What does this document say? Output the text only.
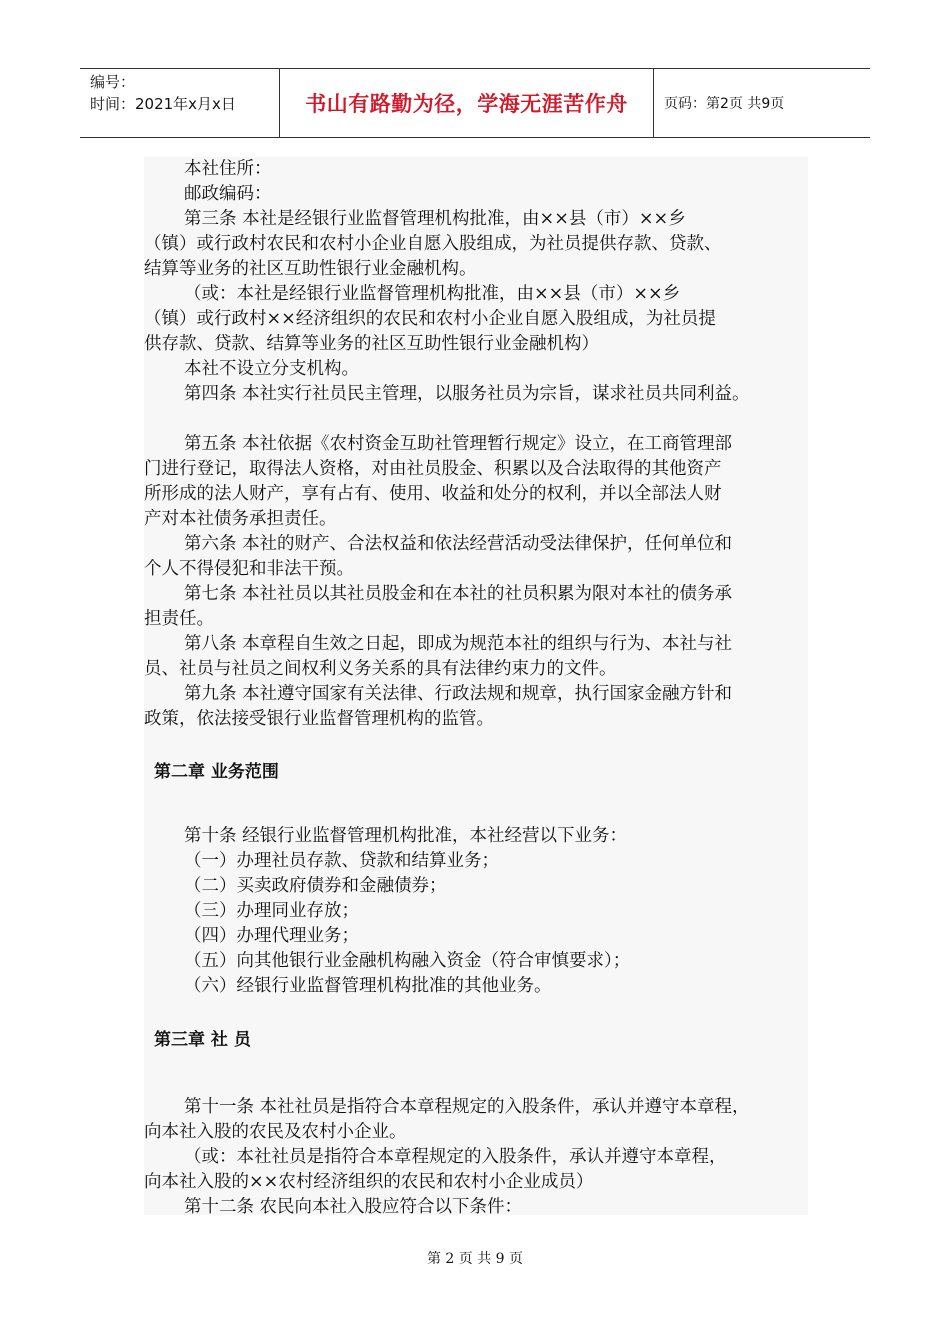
编号：
时间：2021年x月x日	书山有路勤为径，学海无涯苦作舟	页码：第2页 共9页
本社住所：
邮政编码：
第三条 本社是经银行业监督管理机构批准，由××县（市）××乡
（镇）或行政村农民和农村小企业自愿入股组成，为社员提供存款、贷款、
结算等业务的社区互助性银行业金融机构。
（或：本社是经银行业监督管理机构批准，由××县（市）××乡
（镇）或行政村××经济组织的农民和农村小企业自愿入股组成，为社员提
供存款、贷款、结算等业务的社区互助性银行业金融机构）
本社不设立分支机构。
第四条 本社实行社员民主管理，以服务社员为宗旨，谋求社员共同利益。
第五条 本社依据《农村资金互助社管理暂行规定》设立，在工商管理部
门进行登记，取得法人资格，对由社员股金、积累以及合法取得的其他资产
所形成的法人财产，享有占有、使用、收益和处分的权利，并以全部法人财
产对本社债务承担责任。
第六条 本社的财产、合法权益和依法经营活动受法律保护，任何单位和
个人不得侵犯和非法干预。
第七条 本社社员以其社员股金和在本社的社员积累为限对本社的债务承
担责任。
第八条 本章程自生效之日起，即成为规范本社的组织与行为、本社与社
员、社员与社员之间权利义务关系的具有法律约束力的文件。
第九条 本社遵守国家有关法律、行政法规和规章，执行国家金融方针和
政策，依法接受银行业监督管理机构的监管。
第二章 业务范围
第十条 经银行业监督管理机构批准，本社经营以下业务：
（一）办理社员存款、贷款和结算业务；
（二）买卖政府债券和金融债券；
（三）办理同业存放；
（四）办理代理业务；
（五）向其他银行业金融机构融入资金（符合审慎要求）；
（六）经银行业监督管理机构批准的其他业务。
第三章 社 员
第十一条 本社社员是指符合本章程规定的入股条件，承认并遵守本章程，
向本社入股的农民及农村小企业。
（或：本社社员是指符合本章程规定的入股条件，承认并遵守本章程，
向本社入股的××农村经济组织的农民和农村小企业成员）
第十二条 农民向本社入股应符合以下条件：
第 2 页 共 9 页
